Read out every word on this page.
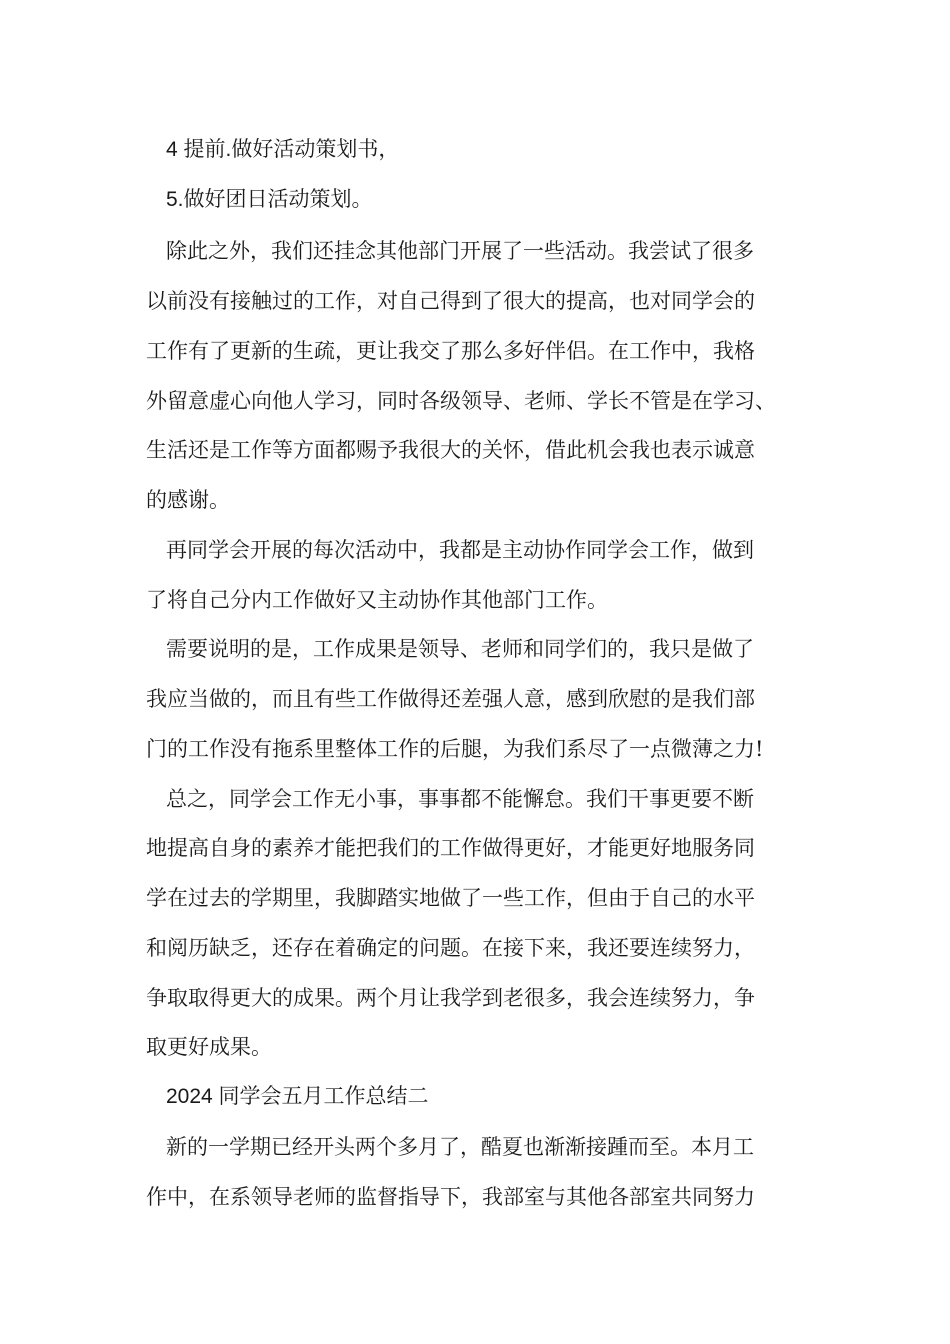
4 提前.做好活动策划书，
5.做好团日活动策划。
除此之外，我们还挂念其他部门开展了一些活动。我尝试了很多
以前没有接触过的工作，对自己得到了很大的提高，也对同学会的
工作有了更新的生疏，更让我交了那么多好伴侣。在工作中，我格
外留意虚心向他人学习，同时各级领导、老师、学长不管是在学习、
生活还是工作等方面都赐予我很大的关怀，借此机会我也表示诚意
的感谢。
再同学会开展的每次活动中，我都是主动协作同学会工作，做到
了将自己分内工作做好又主动协作其他部门工作。
需要说明的是，工作成果是领导、老师和同学们的，我只是做了
我应当做的，而且有些工作做得还差强人意，感到欣慰的是我们部
门的工作没有拖系里整体工作的后腿，为我们系尽了一点微薄之力!
总之，同学会工作无小事，事事都不能懈怠。我们干事更要不断
地提高自身的素养才能把我们的工作做得更好，才能更好地服务同
学在过去的学期里，我脚踏实地做了一些工作，但由于自己的水平
和阅历缺乏，还存在着确定的问题。在接下来，我还要连续努力，
争取取得更大的成果。两个月让我学到老很多，我会连续努力，争
取更好成果。
2024 同学会五月工作总结二
新的一学期已经开头两个多月了，酷夏也渐渐接踵而至。本月工
作中，在系领导老师的监督指导下，我部室与其他各部室共同努力
